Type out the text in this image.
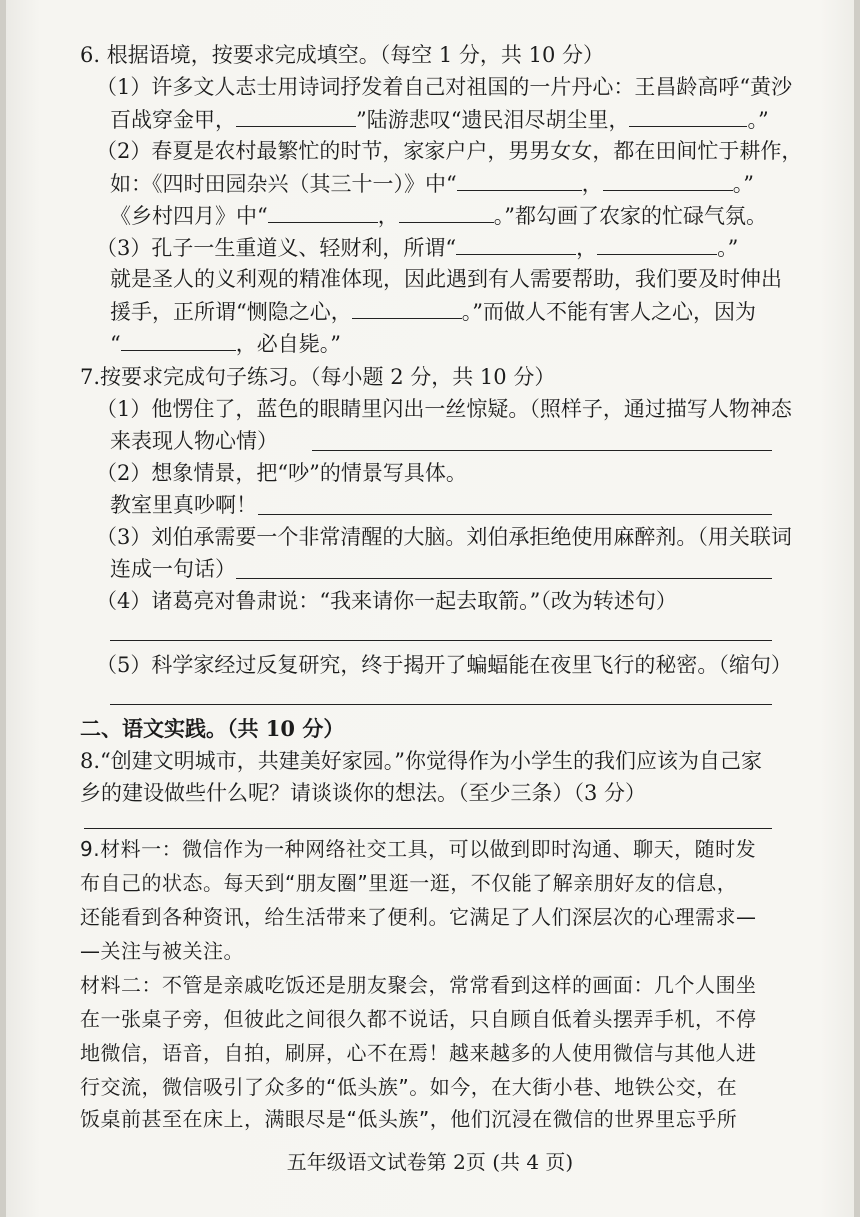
6. 根据语境，按要求完成填空。（每空 1 分，共 10 分）
（1）许多文人志士用诗词抒发着自己对祖国的一片丹心：王昌龄高呼“黄沙
百战穿金甲，	”陆游悲叹“遗民泪尽胡尘里，	。”
（2）春夏是农村最繁忙的时节，家家户户，男男女女，都在田间忙于耕作，
如：《四时田园杂兴（其三十一）》中“	，	。”
《乡村四月》中“	，	。”都勾画了农家的忙碌气氛。
（3）孔子一生重道义、轻财利，所谓“	，	。”
就是圣人的义利观的精准体现，因此遇到有人需要帮助，我们要及时伸出
援手，正所谓“恻隐之心，	。”而做人不能有害人之心，因为
“	，必自毙。”
7.按要求完成句子练习。（每小题 2 分，共 10 分）
（1）他愣住了，蓝色的眼睛里闪出一丝惊疑。（照样子，通过描写人物神态
来表现人物心情）
（2）想象情景，把“吵”的情景写具体。
教室里真吵啊！
（3）刘伯承需要一个非常清醒的大脑。刘伯承拒绝使用麻醉剂。（用关联词
连成一句话）
（4）诸葛亮对鲁肃说：“我来请你一起去取箭。”（改为转述句）
（5）科学家经过反复研究，终于揭开了蝙蝠能在夜里飞行的秘密。（缩句）
二、语文实践。（共 10 分）
8.“创建文明城市，共建美好家园。”你觉得作为小学生的我们应该为自己家
乡的建设做些什么呢？请谈谈你的想法。（至少三条）（3 分）
9.材料一：微信作为一种网络社交工具，可以做到即时沟通、聊天，随时发
布自己的状态。每天到“朋友圈”里逛一逛，不仅能了解亲朋好友的信息，
还能看到各种资讯，给生活带来了便利。它满足了人们深层次的心理需求—
—关注与被关注。
材料二：不管是亲戚吃饭还是朋友聚会，常常看到这样的画面：几个人围坐
在一张桌子旁，但彼此之间很久都不说话，只自顾自低着头摆弄手机，不停
地微信，语音，自拍，刷屏，心不在焉！越来越多的人使用微信与其他人进
行交流，微信吸引了众多的“低头族”。如今，在大街小巷、地铁公交，在
饭桌前甚至在床上，满眼尽是“低头族”，他们沉浸在微信的世界里忘乎所
五年级语文试卷第 2页 (共 4 页)
